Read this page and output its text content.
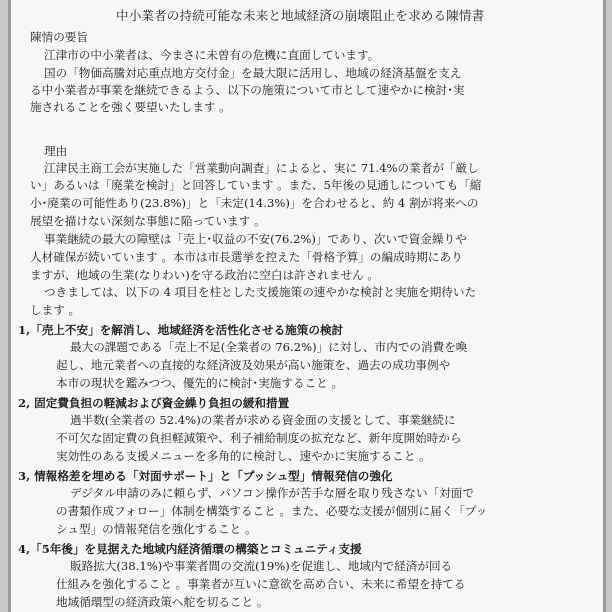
中小業者の持続可能な未来と地域経済の崩壊阻止を求める陳情書
陳情の要旨
江津市の中小業者は、今まさに未曽有の危機に直面しています。
国の「物価高騰対応重点地方交付金」を最大限に活用し、地域の経済基盤を支え
る中小業者が事業を継続できるよう、以下の施策について市として速やかに検討･実
施されることを強く要望いたします 。
理由
江津民主商工会が実施した「営業動向調査」によると、実に 71.4%の業者が「厳し
い」あるいは「廃業を検討」と回答しています 。また、5年後の見通しについても「縮
小･廃業の可能性あり(23.8%)」と「未定(14.3%)」を合わせると、約 4 割が将来への
展望を描けない深刻な事態に陥っています 。
事業継続の最大の障壁は「売上･収益の不安(76.2%)」であり、次いで資金繰りや
人材確保が続いています 。本市は市長選挙を控えた「骨格予算」の編成時期にあり
ますが、地域の生業(なりわい)を守る政治に空白は許されません 。
つきましては、以下の 4 項目を柱とした支援施策の速やかな検討と実施を期待いた
します 。
1,「売上不安」を解消し、地域経済を活性化させる施策の検討
最大の課題である「売上不足(全業者の 76.2%)」に対し、市内での消費を喚
起し、地元業者への直接的な経済波及効果が高い施策を、過去の成功事例や
本市の現状を鑑みつつ、優先的に検討･実施すること 。
2, 固定費負担の軽減および資金繰り負担の緩和措置
過半数(全業者の 52.4%)の業者が求める資金面の支援として、事業継続に
不可欠な固定費の負担軽減策や、利子補給制度の拡充など、新年度開始時から
実効性のある支援メニューを多角的に検討し、速やかに実施すること 。
3, 情報格差を埋める「対面サポート」と「プッシュ型」情報発信の強化
デジタル申請のみに頼らず、パソコン操作が苦手な層を取り残さない「対面で
の書類作成フォロー」体制を構築すること 。また、必要な支援が個別に届く「プッ
シュ型」の情報発信を強化すること 。
4,「5年後」を見据えた地域内経済循環の構築とコミュニティ支援
販路拡大(38.1%)や事業者間の交流(19%)を促進し、地域内で経済が回る
仕組みを強化すること 。事業者が互いに意欲を高め合い、未来に希望を持てる
地域循環型の経済政策へ舵を切ること 。
